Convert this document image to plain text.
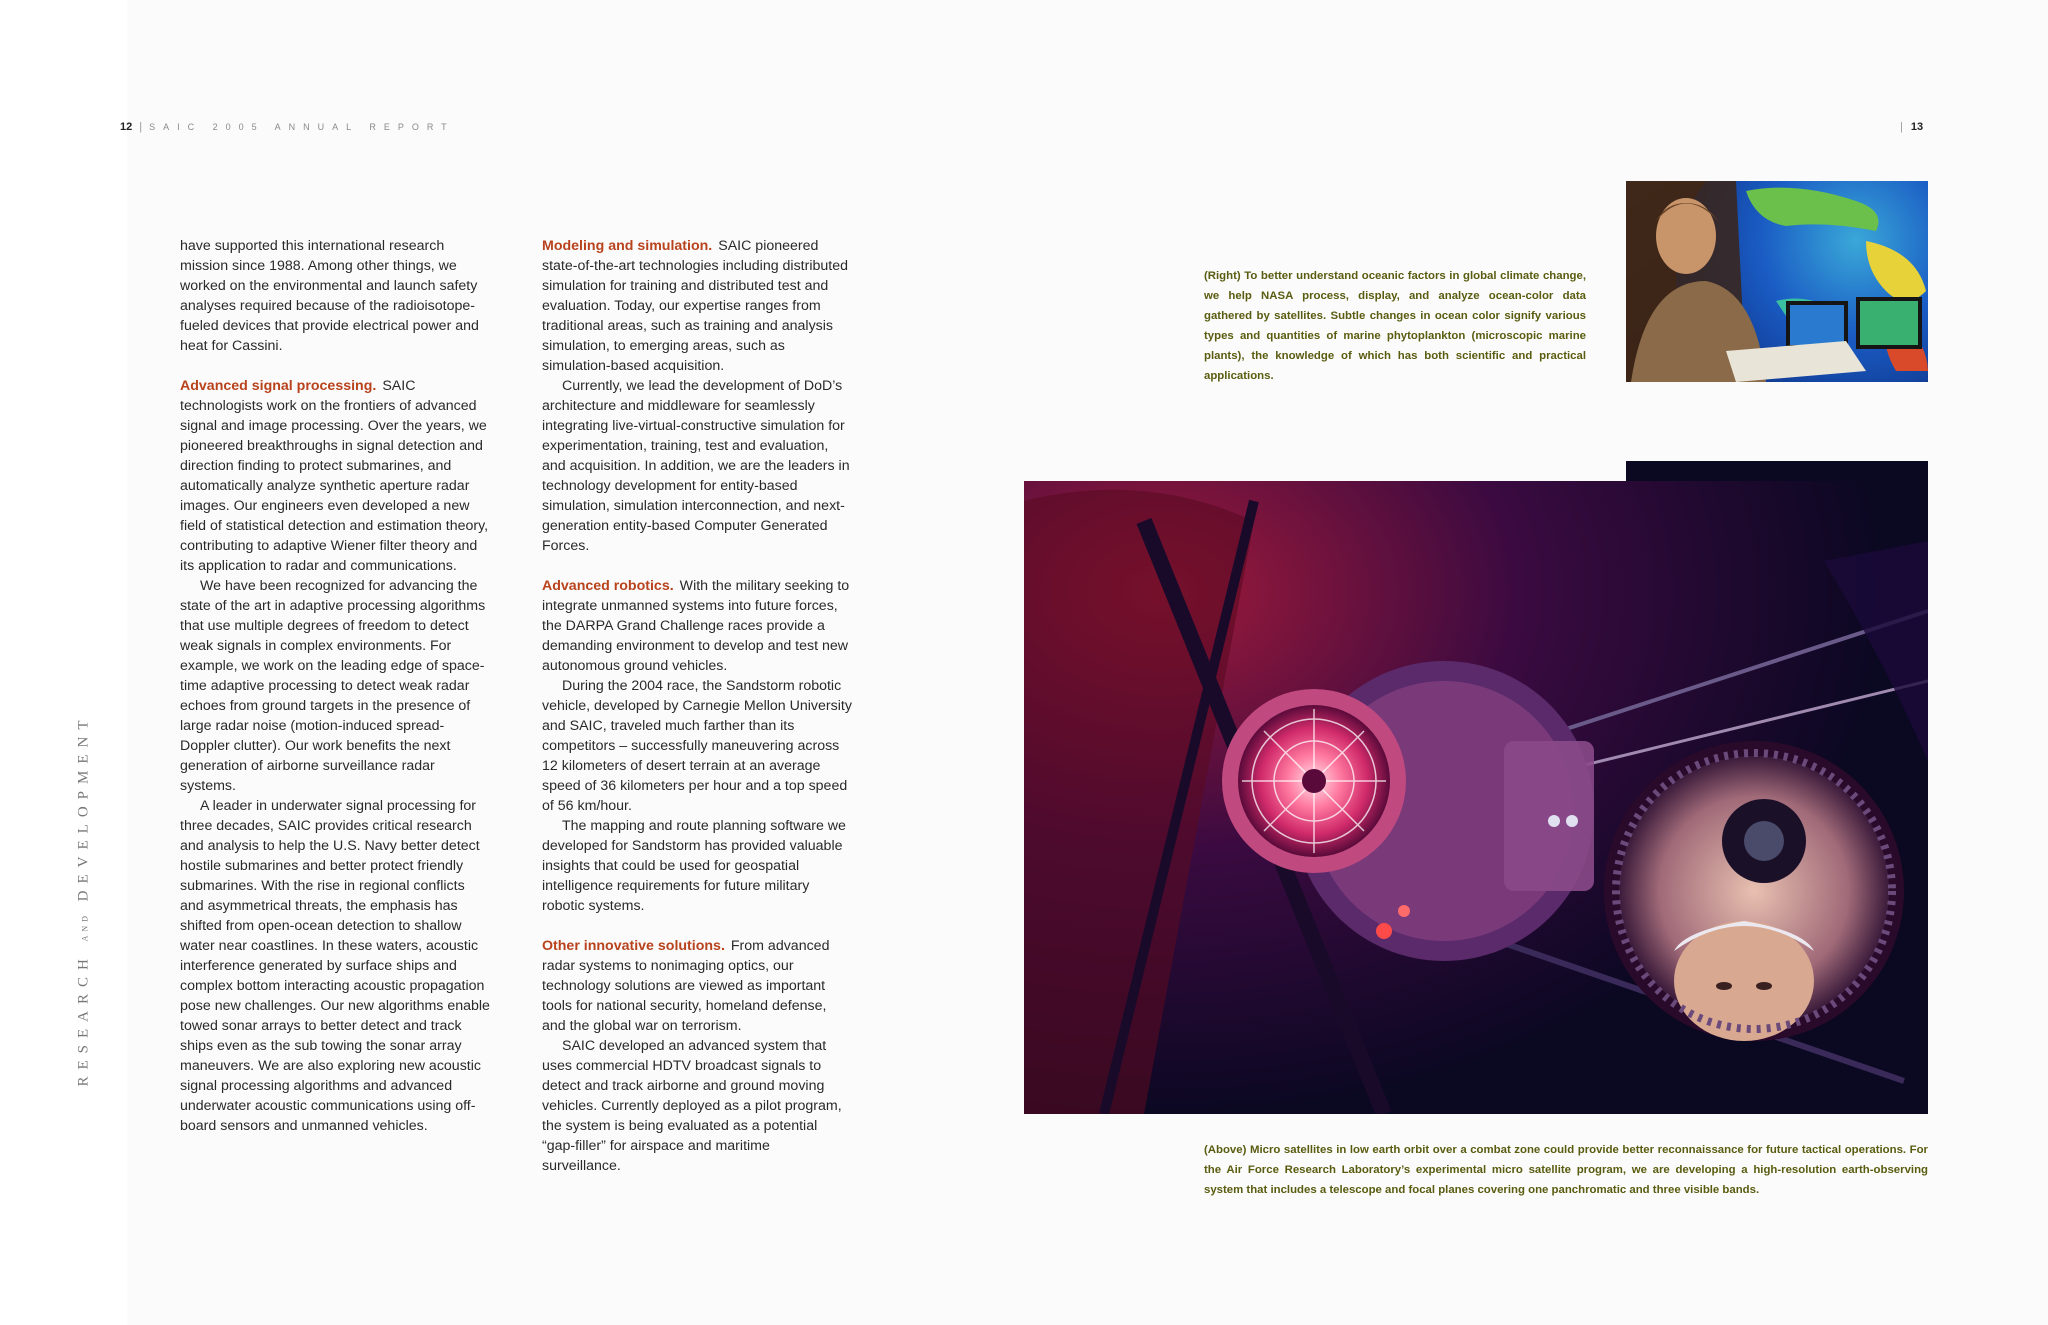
12 | SAIC 2005 ANNUAL REPORT	| 13
RESEARCH AND DEVELOPMENT

have supported this international research mission since 1988. Among other things, we worked on the environmental and launch safety analyses required because of the radioisotope-fueled devices that provide electrical power and heat for Cassini.

Advanced signal processing. SAIC technologists work on the frontiers of advanced signal and image processing. Over the years, we pioneered breakthroughs in signal detection and direction finding to protect submarines, and automatically analyze synthetic aperture radar images. Our engineers even developed a new field of statistical detection and estimation theory, contributing to adaptive Wiener filter theory and its application to radar and communications.

We have been recognized for advancing the state of the art in adaptive processing algorithms that use multiple degrees of freedom to detect weak signals in complex environments. For example, we work on the leading edge of space-time adaptive processing to detect weak radar echoes from ground targets in the presence of large radar noise (motion-induced spread-Doppler clutter). Our work benefits the next generation of airborne surveillance radar systems.

A leader in underwater signal processing for three decades, SAIC provides critical research and analysis to help the U.S. Navy better detect hostile submarines and better protect friendly submarines. With the rise in regional conflicts and asymmetrical threats, the emphasis has shifted from open-ocean detection to shallow water near coastlines. In these waters, acoustic interference generated by surface ships and complex bottom interacting acoustic propagation pose new challenges. Our new algorithms enable towed sonar arrays to better detect and track ships even as the sub towing the sonar array maneuvers. We are also exploring new acoustic signal processing algorithms and advanced underwater acoustic communications using off-board sensors and unmanned vehicles.

Modeling and simulation. SAIC pioneered state-of-the-art technologies including distributed simulation for training and distributed test and evaluation. Today, our expertise ranges from traditional areas, such as training and analysis simulation, to emerging areas, such as simulation-based acquisition.

Currently, we lead the development of DoD’s architecture and middleware for seamlessly integrating live-virtual-constructive simulation for experimentation, training, test and evaluation, and acquisition. In addition, we are the leaders in technology development for entity-based simulation, simulation interconnection, and next-generation entity-based Computer Generated Forces.

Advanced robotics. With the military seeking to integrate unmanned systems into future forces, the DARPA Grand Challenge races provide a demanding environment to develop and test new autonomous ground vehicles.

During the 2004 race, the Sandstorm robotic vehicle, developed by Carnegie Mellon University and SAIC, traveled much farther than its competitors – successfully maneuvering across 12 kilometers of desert terrain at an average speed of 36 kilometers per hour and a top speed of 56 km/hour.

The mapping and route planning software we developed for Sandstorm has provided valuable insights that could be used for geospatial intelligence requirements for future military robotic systems.

Other innovative solutions. From advanced radar systems to nonimaging optics, our technology solutions are viewed as important tools for national security, homeland defense, and the global war on terrorism.

SAIC developed an advanced system that uses commercial HDTV broadcast signals to detect and track airborne and ground moving vehicles. Currently deployed as a pilot program, the system is being evaluated as a potential “gap-filler” for airspace and maritime surveillance.

(Right) To better understand oceanic factors in global climate change, we help NASA process, display, and analyze ocean-color data gathered by satellites. Subtle changes in ocean color signify various types and quantities of marine phytoplankton (microscopic marine plants), the knowledge of which has both scientific and practical applications.
(Above) Micro satellites in low earth orbit over a combat zone could provide better reconnaissance for future tactical operations. For the Air Force Research Laboratory’s experimental micro satellite program, we are developing a high-resolution earth-observing system that includes a telescope and focal planes covering one panchromatic and three visible bands.
